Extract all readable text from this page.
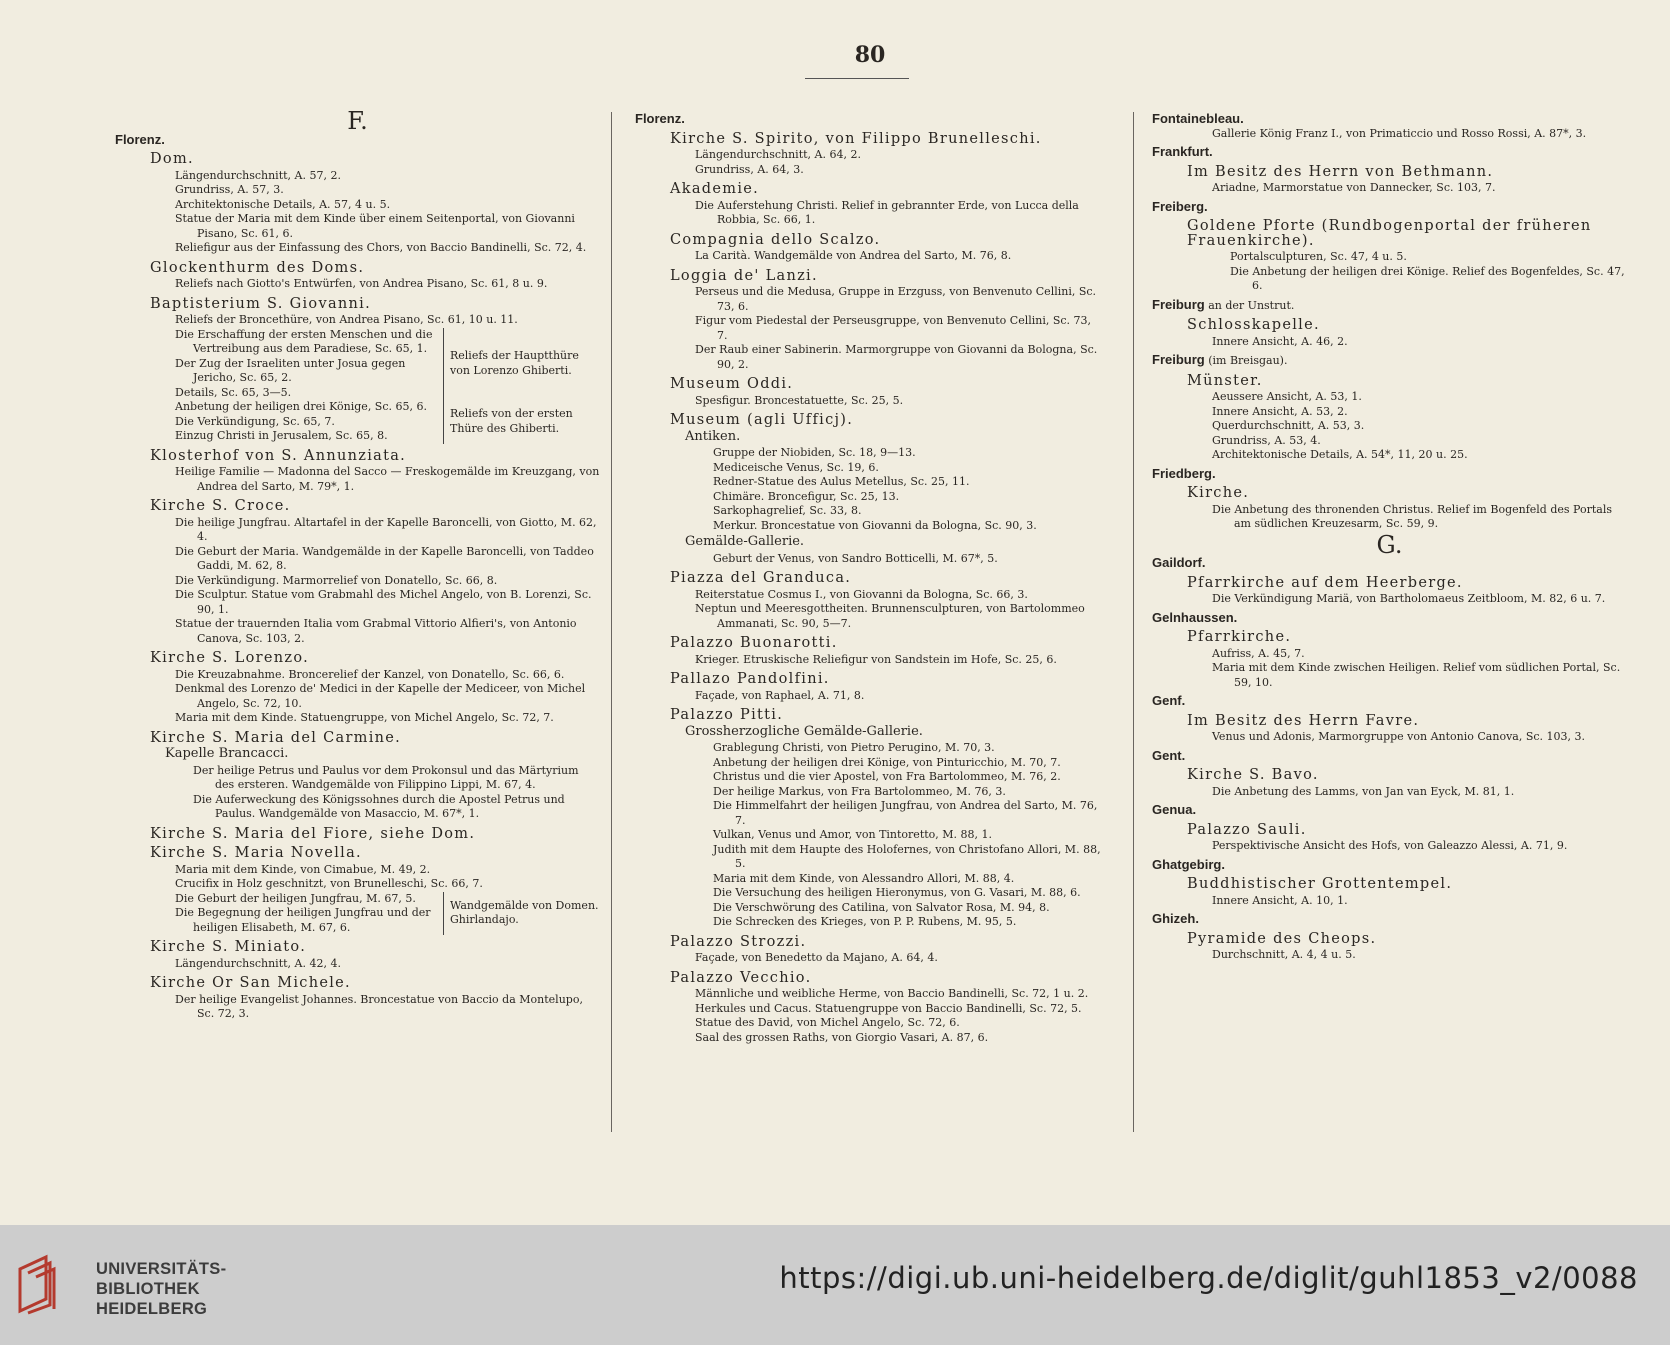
80
F.
Florenz.
Dom.
Längendurchschnitt, A. 57, 2.
Grundriss, A. 57, 3.
Architektonische Details, A. 57, 4 u. 5.
Statue der Maria mit dem Kinde über einem Seitenportal, von Giovanni Pisano, Sc. 61, 6.
Reliefigur aus der Einfassung des Chors, von Baccio Bandinelli, Sc. 72, 4.
Glockenthurm des Doms.
Reliefs nach Giotto's Entwürfen, von Andrea Pisano, Sc. 61, 8 u. 9.
Baptisterium S. Giovanni.
Reliefs der Broncethüre, von Andrea Pisano, Sc. 61, 10 u. 11.
Die Erschaffung der ersten Menschen und die Vertreibung aus dem Paradiese, Sc. 65, 1.
Der Zug der Israeliten unter Josua gegen Jericho, Sc. 65, 2.
Details, Sc. 65, 3—5.
Reliefs der Hauptthüre von Lorenzo Ghiberti.
Anbetung der heiligen drei Könige, Sc. 65, 6.
Die Verkündigung, Sc. 65, 7.
Einzug Christi in Jerusalem, Sc. 65, 8.
Reliefs von der ersten Thüre des Ghiberti.
Klosterhof von S. Annunziata.
Heilige Familie — Madonna del Sacco — Freskogemälde im Kreuzgang, von Andrea del Sarto, M. 79*, 1.
Kirche S. Croce.
Die heilige Jungfrau. Altartafel in der Kapelle Baroncelli, von Giotto, M. 62, 4.
Die Geburt der Maria. Wandgemälde in der Kapelle Baroncelli, von Taddeo Gaddi, M. 62, 8.
Die Verkündigung. Marmorrelief von Donatello, Sc. 66, 8.
Die Sculptur. Statue vom Grabmahl des Michel Angelo, von B. Lorenzi, Sc. 90, 1.
Statue der trauernden Italia vom Grabmal Vittorio Alfieri's, von Antonio Canova, Sc. 103, 2.
Kirche S. Lorenzo.
Die Kreuzabnahme. Broncerelief der Kanzel, von Donatello, Sc. 66, 6.
Denkmal des Lorenzo de' Medici in der Kapelle der Mediceer, von Michel Angelo, Sc. 72, 10.
Maria mit dem Kinde. Statuengruppe, von Michel Angelo, Sc. 72, 7.
Kirche S. Maria del Carmine.
Kapelle Brancacci.
Der heilige Petrus und Paulus vor dem Prokonsul und das Märtyrium des ersteren. Wandgemälde von Filippino Lippi, M. 67, 4.
Die Auferweckung des Königssohnes durch die Apostel Petrus und Paulus. Wandgemälde von Masaccio, M. 67*, 1.
Kirche S. Maria del Fiore, siehe Dom.
Kirche S. Maria Novella.
Maria mit dem Kinde, von Cimabue, M. 49, 2.
Crucifix in Holz geschnitzt, von Brunelleschi, Sc. 66, 7.
Die Geburt der heiligen Jungfrau, M. 67, 5.
Die Begegnung der heiligen Jungfrau und der heiligen Elisabeth, M. 67, 6.
Wandgemälde von Domen. Ghirlandajo.
Kirche S. Miniato.
Längendurchschnitt, A. 42, 4.
Kirche Or San Michele.
Der heilige Evangelist Johannes. Broncestatue von Baccio da Montelupo, Sc. 72, 3.
Florenz.
Kirche S. Spirito, von Filippo Brunelleschi.
Längendurchschnitt, A. 64, 2.
Grundriss, A. 64, 3.
Akademie.
Die Auferstehung Christi. Relief in gebrannter Erde, von Lucca della Robbia, Sc. 66, 1.
Compagnia dello Scalzo.
La Carità. Wandgemälde von Andrea del Sarto, M. 76, 8.
Loggia de' Lanzi.
Perseus und die Medusa, Gruppe in Erzguss, von Benvenuto Cellini, Sc. 73, 6.
Figur vom Piedestal der Perseusgruppe, von Benvenuto Cellini, Sc. 73, 7.
Der Raub einer Sabinerin. Marmorgruppe von Giovanni da Bologna, Sc. 90, 2.
Museum Oddi.
Spesfigur. Broncestatuette, Sc. 25, 5.
Museum (agli Ufficj).
Antiken.
Gruppe der Niobiden, Sc. 18, 9—13.
Mediceische Venus, Sc. 19, 6.
Redner-Statue des Aulus Metellus, Sc. 25, 11.
Chimäre. Broncefigur, Sc. 25, 13.
Sarkophagrelief, Sc. 33, 8.
Merkur. Broncestatue von Giovanni da Bologna, Sc. 90, 3.
Gemälde-Gallerie.
Geburt der Venus, von Sandro Botticelli, M. 67*, 5.
Piazza del Granduca.
Reiterstatue Cosmus I., von Giovanni da Bologna, Sc. 66, 3.
Neptun und Meeresgottheiten. Brunnensculpturen, von Bartolommeo Ammanati, Sc. 90, 5—7.
Palazzo Buonarotti.
Krieger. Etruskische Reliefigur von Sandstein im Hofe, Sc. 25, 6.
Pallazo Pandolfini.
Façade, von Raphael, A. 71, 8.
Palazzo Pitti.
Grossherzogliche Gemälde-Gallerie.
Grablegung Christi, von Pietro Perugino, M. 70, 3.
Anbetung der heiligen drei Könige, von Pinturicchio, M. 70, 7.
Christus und die vier Apostel, von Fra Bartolommeo, M. 76, 2.
Der heilige Markus, von Fra Bartolommeo, M. 76, 3.
Die Himmelfahrt der heiligen Jungfrau, von Andrea del Sarto, M. 76, 7.
Vulkan, Venus und Amor, von Tintoretto, M. 88, 1.
Judith mit dem Haupte des Holofernes, von Christofano Allori, M. 88, 5.
Maria mit dem Kinde, von Alessandro Allori, M. 88, 4.
Die Versuchung des heiligen Hieronymus, von G. Vasari, M. 88, 6.
Die Verschwörung des Catilina, von Salvator Rosa, M. 94, 8.
Die Schrecken des Krieges, von P. P. Rubens, M. 95, 5.
Palazzo Strozzi.
Façade, von Benedetto da Majano, A. 64, 4.
Palazzo Vecchio.
Männliche und weibliche Herme, von Baccio Bandinelli, Sc. 72, 1 u. 2.
Herkules und Cacus. Statuengruppe von Baccio Bandinelli, Sc. 72, 5.
Statue des David, von Michel Angelo, Sc. 72, 6.
Saal des grossen Raths, von Giorgio Vasari, A. 87, 6.
Fontainebleau.
Gallerie König Franz I., von Primaticcio und Rosso Rossi, A. 87*, 3.
Frankfurt.
Im Besitz des Herrn von Bethmann.
Ariadne, Marmorstatue von Dannecker, Sc. 103, 7.
Freiberg.
Goldene Pforte (Rundbogenportal der früheren Frauenkirche).
Portalsculpturen, Sc. 47, 4 u. 5.
Die Anbetung der heiligen drei Könige. Relief des Bogenfeldes, Sc. 47, 6.
Freiburg an der Unstrut.
Schlosskapelle.
Innere Ansicht, A. 46, 2.
Freiburg (im Breisgau).
Münster.
Aeussere Ansicht, A. 53, 1.
Innere Ansicht, A. 53, 2.
Querdurchschnitt, A. 53, 3.
Grundriss, A. 53, 4.
Architektonische Details, A. 54*, 11, 20 u. 25.
Friedberg.
Kirche.
Die Anbetung des thronenden Christus. Relief im Bogenfeld des Portals am südlichen Kreuzesarm, Sc. 59, 9.
G.
Gaildorf.
Pfarrkirche auf dem Heerberge.
Die Verkündigung Mariä, von Bartholomaeus Zeitbloom, M. 82, 6 u. 7.
Gelnhaussen.
Pfarrkirche.
Aufriss, A. 45, 7.
Maria mit dem Kinde zwischen Heiligen. Relief vom südlichen Portal, Sc. 59, 10.
Genf.
Im Besitz des Herrn Favre.
Venus und Adonis, Marmorgruppe von Antonio Canova, Sc. 103, 3.
Gent.
Kirche S. Bavo.
Die Anbetung des Lamms, von Jan van Eyck, M. 81, 1.
Genua.
Palazzo Sauli.
Perspektivische Ansicht des Hofs, von Galeazzo Alessi, A. 71, 9.
Ghatgebirg.
Buddhistischer Grottentempel.
Innere Ansicht, A. 10, 1.
Ghizeh.
Pyramide des Cheops.
Durchschnitt, A. 4, 4 u. 5.
UNIVERSITÄTS-
BIBLIOTHEK
HEIDELBERG
https://digi.ub.uni-heidelberg.de/diglit/guhl1853_v2/0088
